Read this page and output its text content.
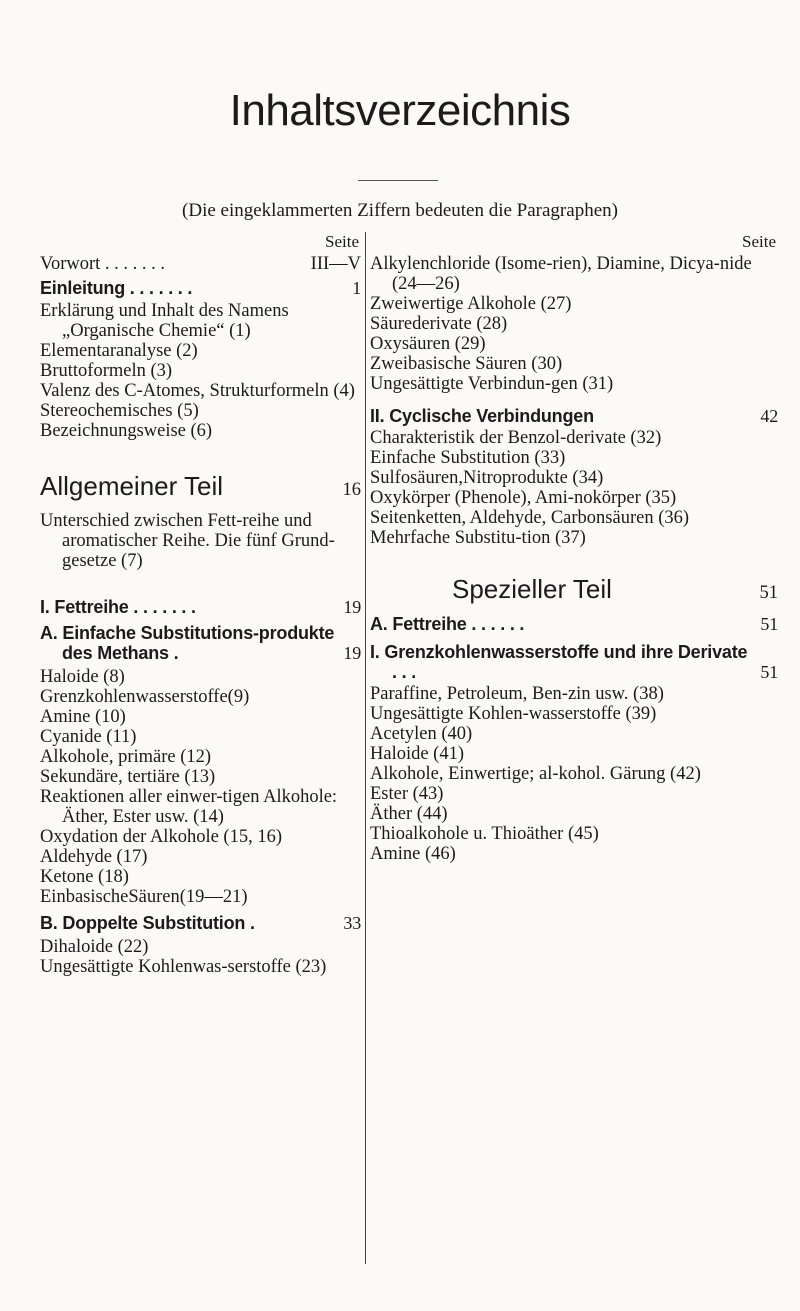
Inhaltsverzeichnis
(Die eingeklammerten Ziffern bedeuten die Paragraphen)
Seite
Vorwort . . . . . . .	III—V
Einleitung . . . . . . .	1
Erklärung und Inhalt des Namens „Organische Chemie“ (1)
Elementaranalyse (2)
Bruttoformeln (3)
Valenz des C-Atomes, Strukturformeln (4)
Stereochemisches (5)
Bezeichnungsweise (6)
Allgemeiner Teil	16
Unterschied zwischen Fett-reihe und aromatischer Reihe. Die fünf Grund-gesetze (7)
I. Fettreihe . . . . . . .	19
A. Einfache Substitutions-produkte des Methans .	19
Haloide (8)
Grenzkohlenwasserstoffe(9)
Amine (10)
Cyanide (11)
Alkohole, primäre (12)
Sekundäre, tertiäre (13)
Reaktionen aller einwer-tigen Alkohole: Äther, Ester usw. (14)
Oxydation der Alkohole (15, 16)
Aldehyde (17)
Ketone (18)
EinbasischeSäuren(19—21)
B. Doppelte Substitution .	33
Dihaloide (22)
Ungesättigte Kohlenwas-serstoffe (23)
Seite
Alkylenchloride (Isome-rien), Diamine, Dicya-nide (24—26)
Zweiwertige Alkohole (27)
Säurederivate (28)
Oxysäuren (29)
Zweibasische Säuren (30)
Ungesättigte Verbindun-gen (31)
II. Cyclische Verbindungen	42
Charakteristik der Benzol-derivate (32)
Einfache Substitution (33)
Sulfosäuren,Nitroprodukte (34)
Oxykörper (Phenole), Ami-nokörper (35)
Seitenketten, Aldehyde, Carbonsäuren (36)
Mehrfache Substitu-tion (37)
Spezieller Teil	51
A. Fettreihe . . . . . .	51
I. Grenzkohlenwasserstoffe und ihre Derivate . . .	51
Paraffine, Petroleum, Ben-zin usw. (38)
Ungesättigte Kohlen-wasserstoffe (39)
Acetylen (40)
Haloide (41)
Alkohole, Einwertige; al-kohol. Gärung (42)
Ester (43)
Äther (44)
Thioalkohole u. Thioäther (45)
Amine (46)
